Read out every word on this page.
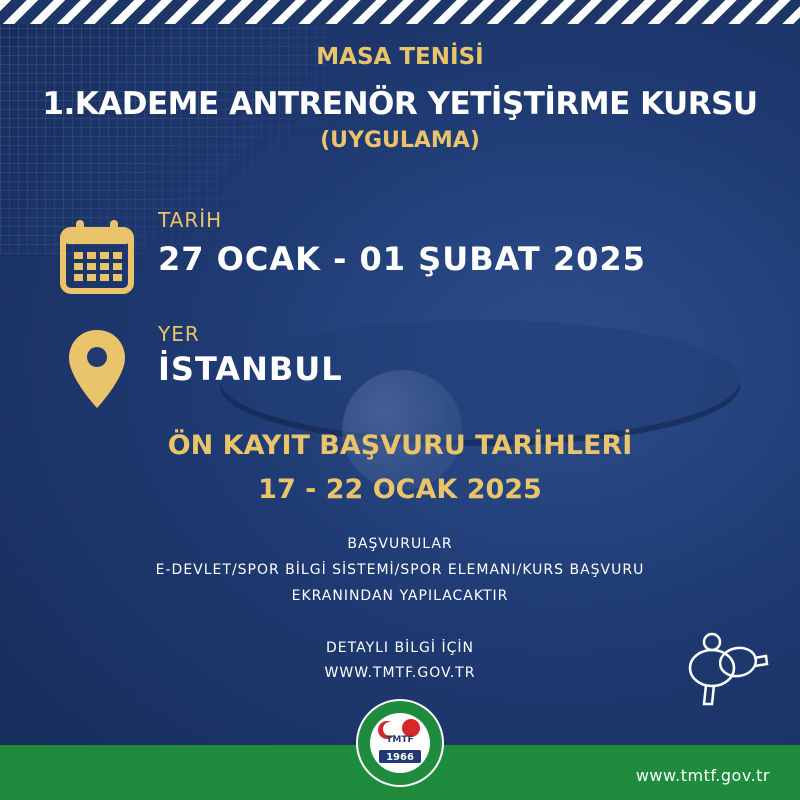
MASA TENİSİ

1.KADEME ANTRENÖR YETİŞTİRME KURSU

(UYGULAMA)

TARİH
27 OCAK - 01 ŞUBAT 2025
YER
İSTANBUL

ÖN KAYIT BAŞVURU TARİHLERİ

17 - 22 OCAK 2025

BAŞVURULAR

E-DEVLET/SPOR BİLGİ SİSTEMİ/SPOR ELEMANI/KURS BAŞVURU

EKRANINDAN YAPILACAKTIR

DETAYLI BİLGİ İÇİN

WWW.TMTF.GOV.TR

TMTF
1966
www.tmtf.gov.tr
